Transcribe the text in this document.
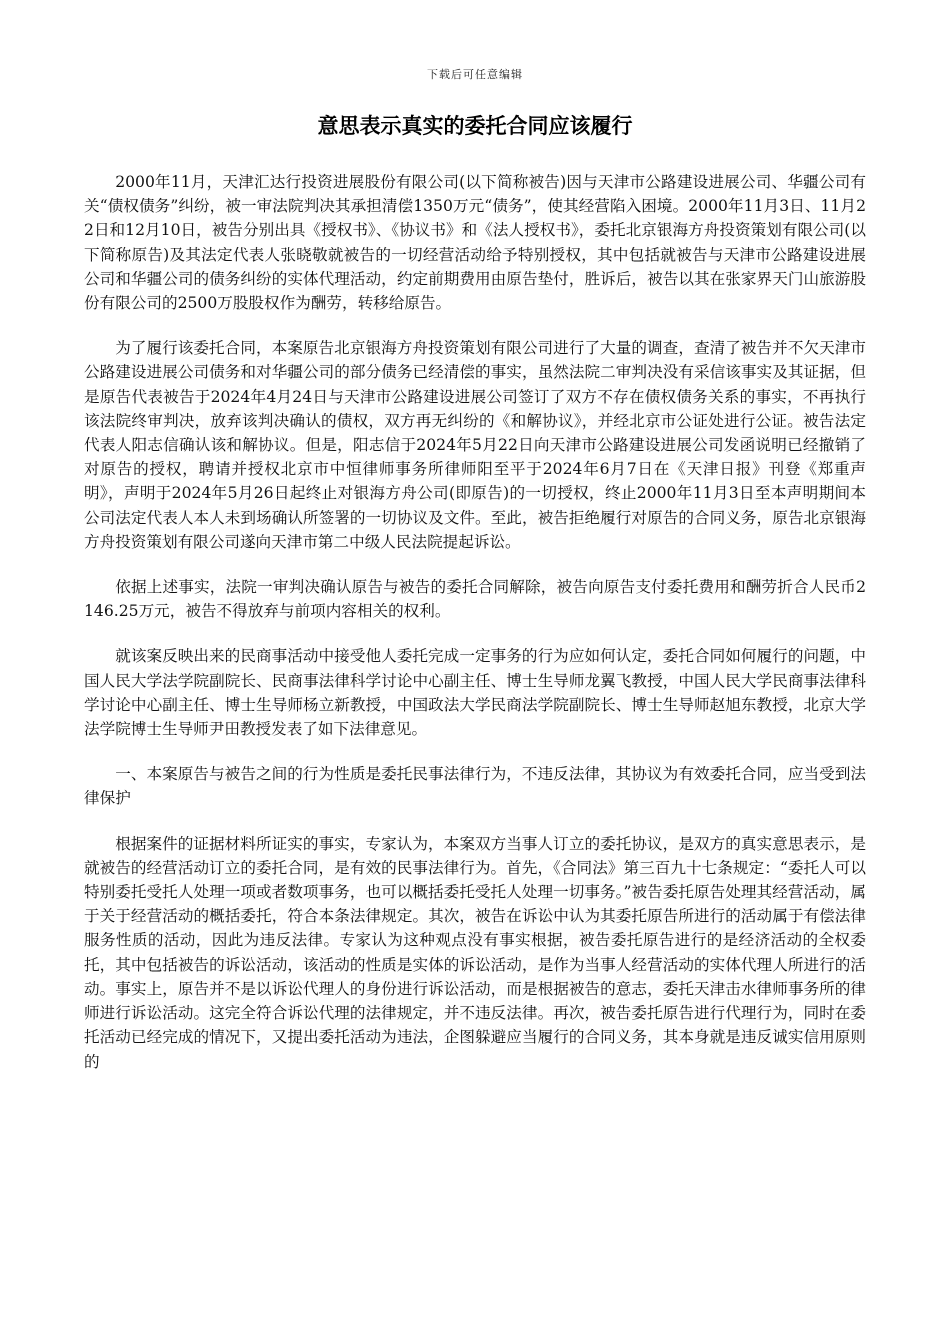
下载后可任意编辑
意思表示真实的委托合同应该履行

2000年11月，天津汇达行投资进展股份有限公司(以下简称被告)因与天津市公路建设进展公司、华疆公司有关“债权债务”纠纷，被一审法院判决其承担清偿1350万元“债务”，使其经营陷入困境。2000年11月3日、11月22日和12月10日，被告分别出具《授权书》、《协议书》和《法人授权书》，委托北京银海方舟投资策划有限公司(以下简称原告)及其法定代表人张晓敬就被告的一切经营活动给予特别授权，其中包括就被告与天津市公路建设进展公司和华疆公司的债务纠纷的实体代理活动，约定前期费用由原告垫付，胜诉后，被告以其在张家界天门山旅游股份有限公司的2500万股股权作为酬劳，转移给原告。

为了履行该委托合同，本案原告北京银海方舟投资策划有限公司进行了大量的调查，查清了被告并不欠天津市公路建设进展公司债务和对华疆公司的部分债务已经清偿的事实，虽然法院二审判决没有采信该事实及其证据，但是原告代表被告于2024年4月24日与天津市公路建设进展公司签订了双方不存在债权债务关系的事实，不再执行该法院终审判决，放弃该判决确认的债权，双方再无纠纷的《和解协议》，并经北京市公证处进行公证。被告法定代表人阳志信确认该和解协议。但是，阳志信于2024年5月22日向天津市公路建设进展公司发函说明已经撤销了对原告的授权，聘请并授权北京市中恒律师事务所律师阳至平于2024年6月7日在《天津日报》刊登《郑重声明》，声明于2024年5月26日起终止对银海方舟公司(即原告)的一切授权，终止2000年11月3日至本声明期间本公司法定代表人本人未到场确认所签署的一切协议及文件。至此，被告拒绝履行对原告的合同义务，原告北京银海方舟投资策划有限公司遂向天津市第二中级人民法院提起诉讼。

依据上述事实，法院一审判决确认原告与被告的委托合同解除，被告向原告支付委托费用和酬劳折合人民币2146.25万元，被告不得放弃与前项内容相关的权利。

就该案反映出来的民商事活动中接受他人委托完成一定事务的行为应如何认定，委托合同如何履行的问题，中国人民大学法学院副院长、民商事法律科学讨论中心副主任、博士生导师龙翼飞教授，中国人民大学民商事法律科学讨论中心副主任、博士生导师杨立新教授，中国政法大学民商法学院副院长、博士生导师赵旭东教授，北京大学法学院博士生导师尹田教授发表了如下法律意见。

一、本案原告与被告之间的行为性质是委托民事法律行为，不违反法律，其协议为有效委托合同，应当受到法律保护

根据案件的证据材料所证实的事实，专家认为，本案双方当事人订立的委托协议，是双方的真实意思表示，是就被告的经营活动订立的委托合同，是有效的民事法律行为。首先，《合同法》第三百九十七条规定：“委托人可以特别委托受托人处理一项或者数项事务，也可以概括委托受托人处理一切事务。”被告委托原告处理其经营活动，属于关于经营活动的概括委托，符合本条法律规定。其次，被告在诉讼中认为其委托原告所进行的活动属于有偿法律服务性质的活动，因此为违反法律。专家认为这种观点没有事实根据，被告委托原告进行的是经济活动的全权委托，其中包括被告的诉讼活动，该活动的性质是实体的诉讼活动，是作为当事人经营活动的实体代理人所进行的活动。事实上，原告并不是以诉讼代理人的身份进行诉讼活动，而是根据被告的意志，委托天津击水律师事务所的律师进行诉讼活动。这完全符合诉讼代理的法律规定，并不违反法律。再次，被告委托原告进行代理行为，同时在委托活动已经完成的情况下，又提出委托活动为违法，企图躲避应当履行的合同义务，其本身就是违反诚实信用原则的
